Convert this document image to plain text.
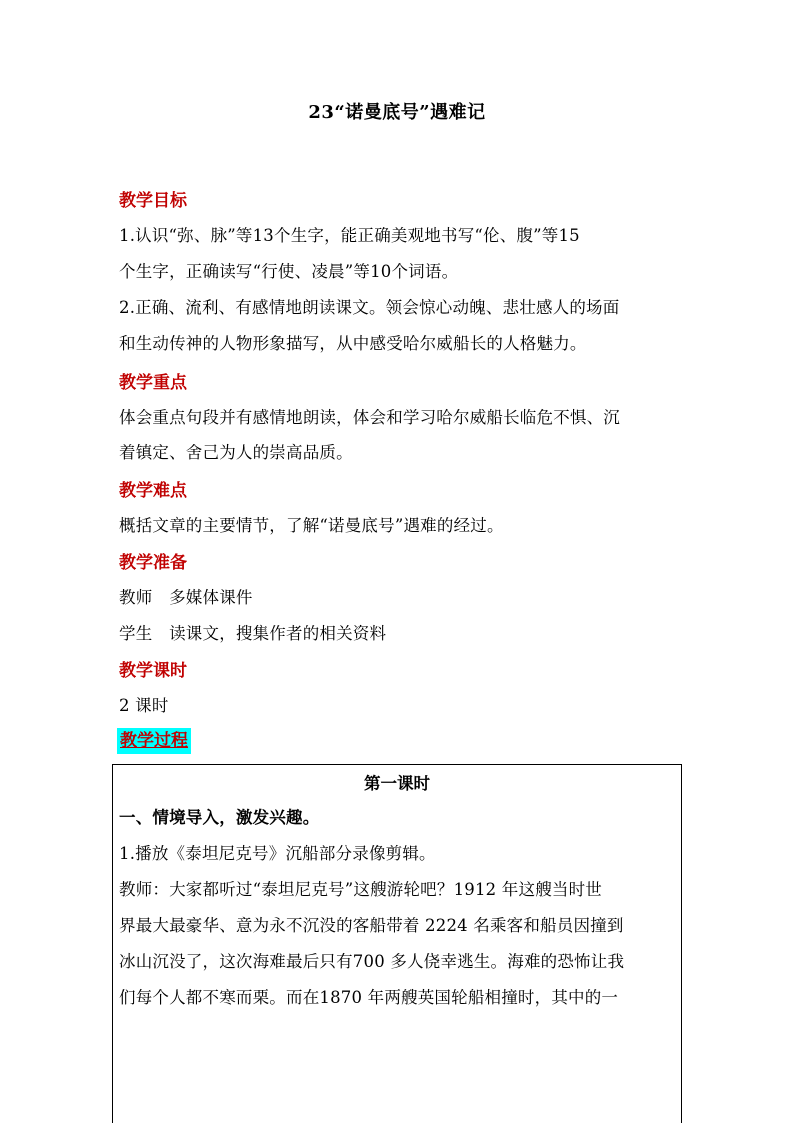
23“诺曼底号”遇难记
教学目标
1.认识“弥、脉”等13个生字，能正确美观地书写“伦、腹”等15
个生字，正确读写“行使、凌晨”等10个词语。
2.正确、流利、有感情地朗读课文。领会惊心动魄、悲壮感人的场面
和生动传神的人物形象描写，从中感受哈尔威船长的人格魅力。
教学重点
体会重点句段并有感情地朗读，体会和学习哈尔威船长临危不惧、沉
着镇定、舍己为人的崇高品质。
教学难点
概括文章的主要情节，了解“诺曼底号”遇难的经过。
教学准备
教师　多媒体课件
学生　读课文，搜集作者的相关资料
教学课时
2 课时
教学过程
第一课时
一、情境导入，激发兴趣。
1.播放《泰坦尼克号》沉船部分录像剪辑。
教师：大家都听过“泰坦尼克号”这艘游轮吧？1912 年这艘当时世
界最大最豪华、意为永不沉没的客船带着 2224 名乘客和船员因撞到
冰山沉没了，这次海难最后只有700 多人侥幸逃生。海难的恐怖让我
们每个人都不寒而栗。而在1870 年两艘英国轮船相撞时，其中的一
